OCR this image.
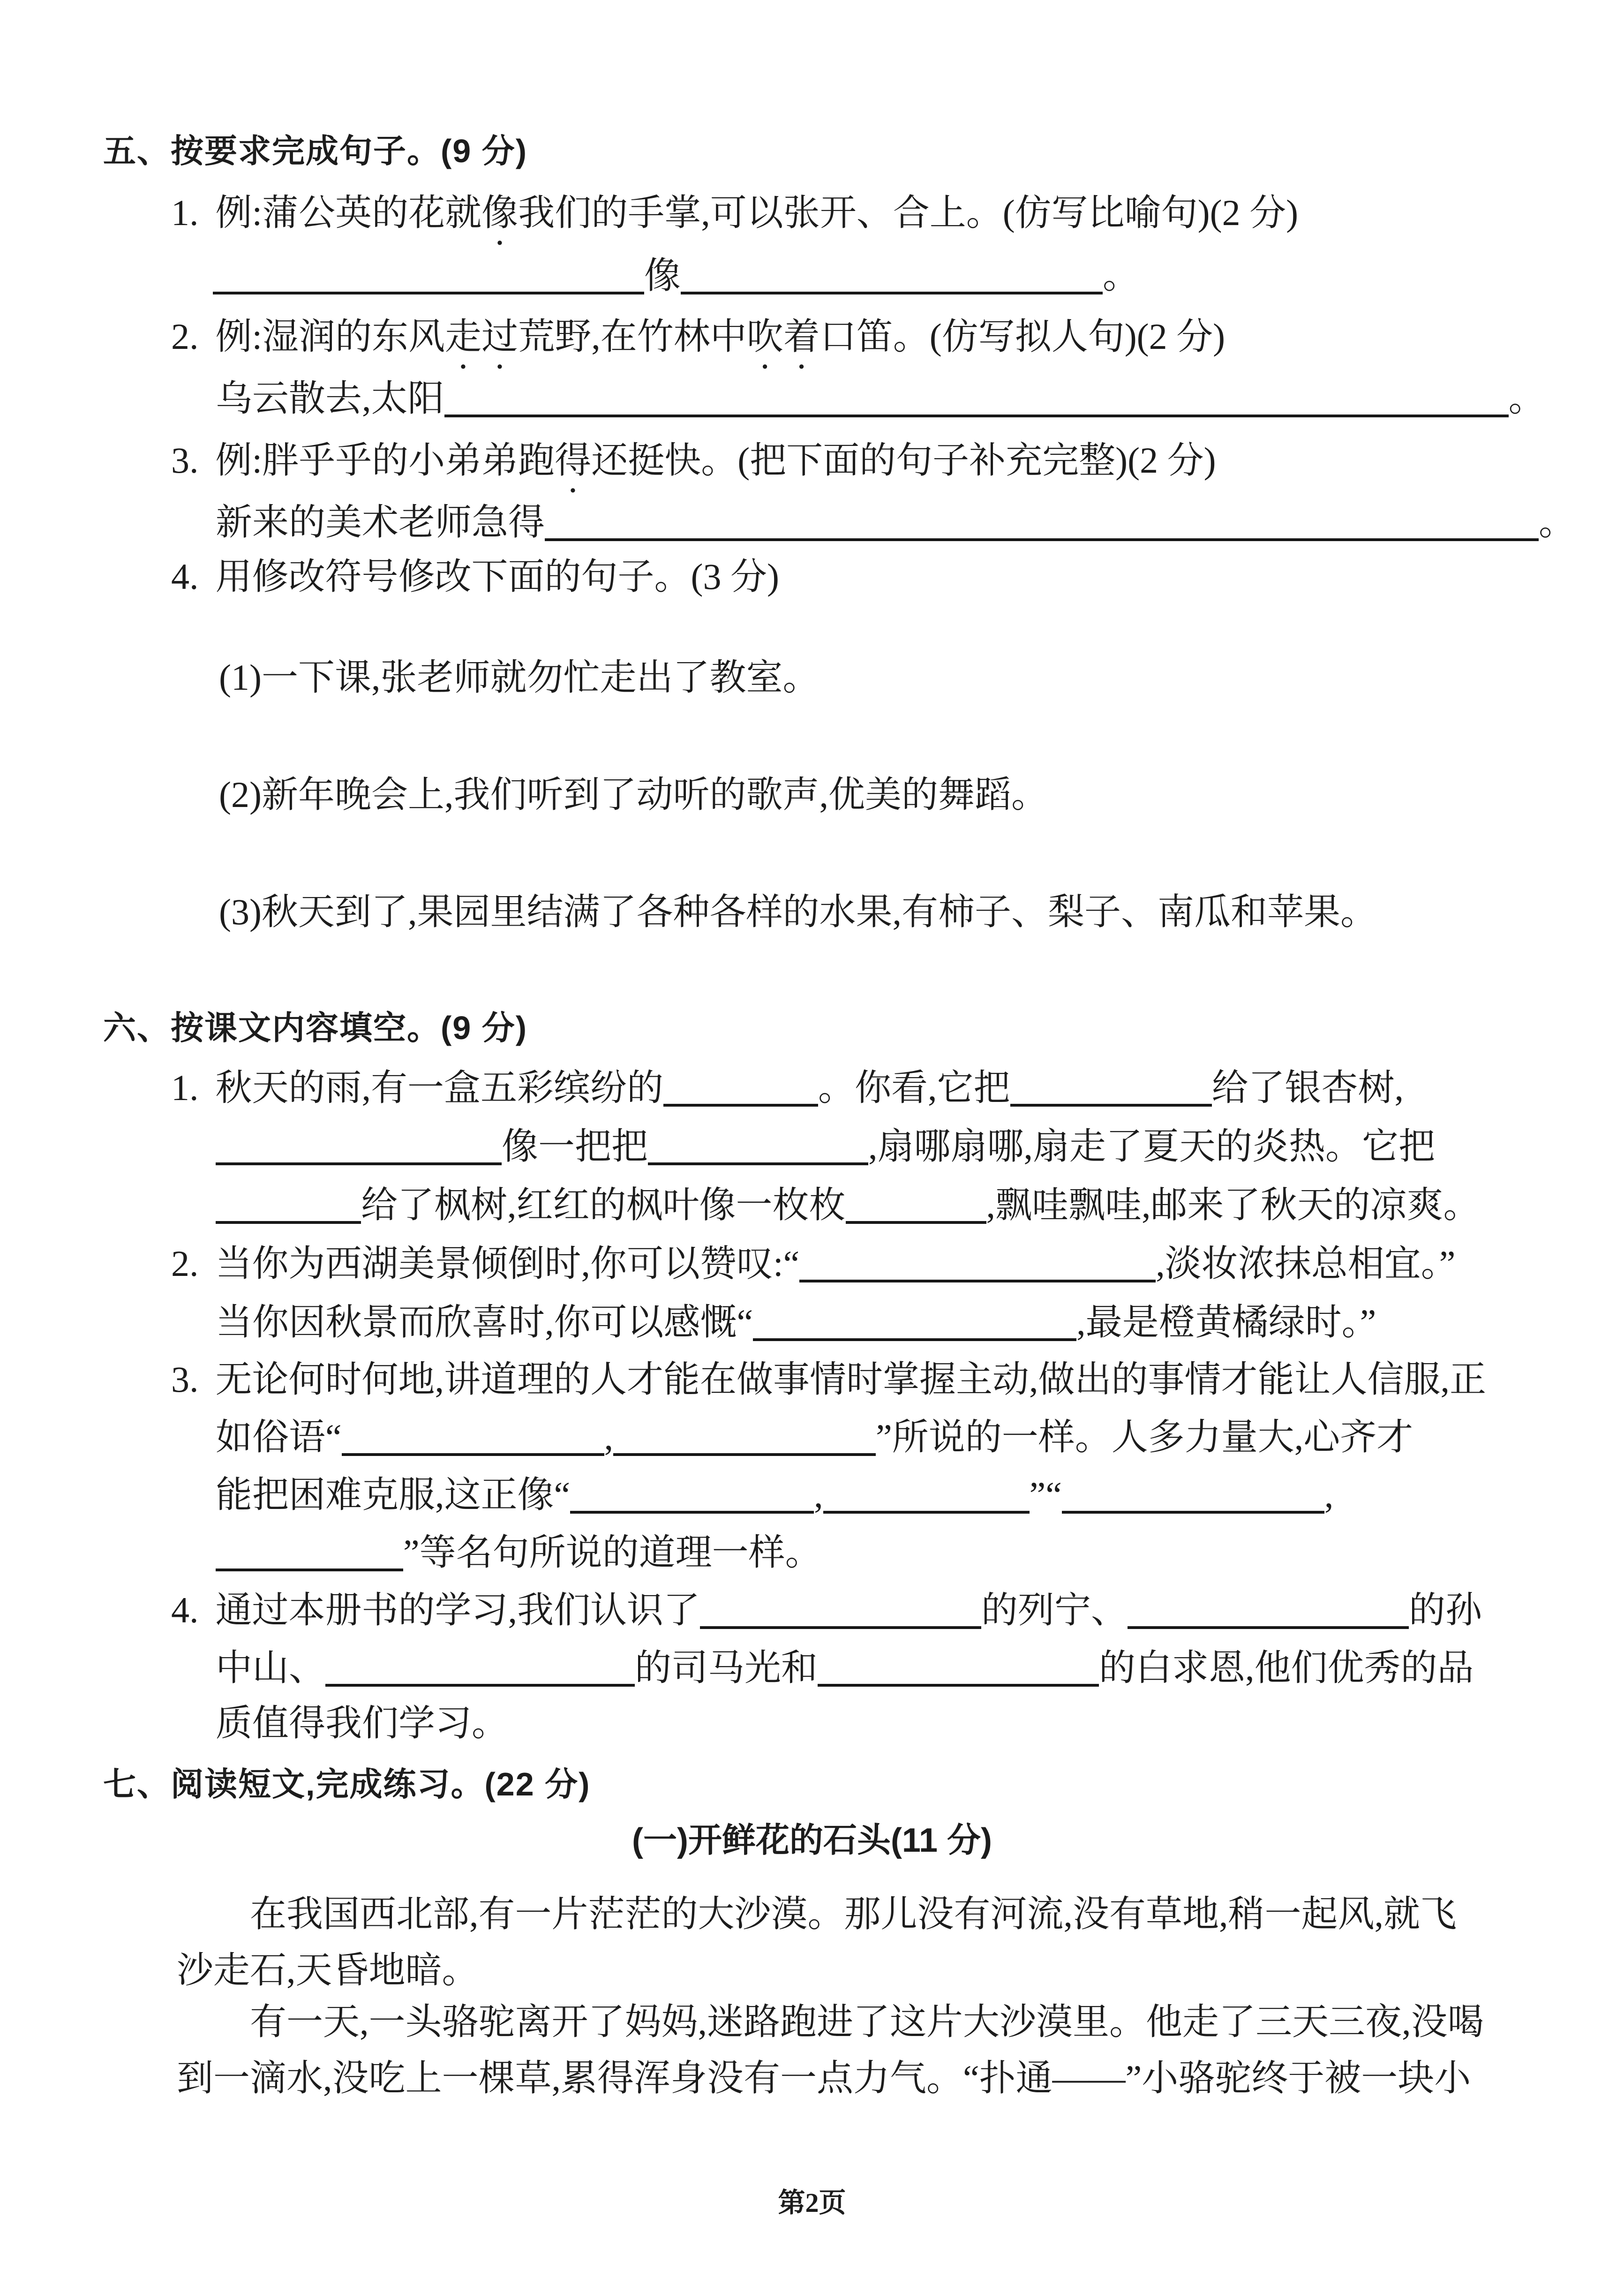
五、按要求完成句子。(9 分)
1. 例:蒲公英的花就像我们的手掌,可以张开、合上。(仿写比喻句)(2 分)
像	。
2. 例:湿润的东风走过荒野,在竹林中吹着口笛。(仿写拟人句)(2 分)
乌云散去,太阳	。
3. 例:胖乎乎的小弟弟跑得还挺快。(把下面的句子补充完整)(2 分)
新来的美术老师急得	。
4. 用修改符号修改下面的句子。(3 分)
(1)一下课,张老师就勿忙走出了教室。
(2)新年晚会上,我们听到了动听的歌声,优美的舞蹈。
(3)秋天到了,果园里结满了各种各样的水果,有柿子、梨子、南瓜和苹果。
六、按课文内容填空。(9 分)
1. 秋天的雨,有一盒五彩缤纷的	。你看,它把	给了银杏树,
像一把把	,扇哪扇哪,扇走了夏天的炎热。它把
给了枫树,红红的枫叶像一枚枚	,飘哇飘哇,邮来了秋天的凉爽。
2. 当你为西湖美景倾倒时,你可以赞叹:“	,淡妆浓抹总相宜。”
当你因秋景而欣喜时,你可以感慨“	,最是橙黄橘绿时。”
3. 无论何时何地,讲道理的人才能在做事情时掌握主动,做出的事情才能让人信服,正
如俗语“	,	”所说的一样。人多力量大,心齐才
能把困难克服,这正像“	,	”“	,
”等名句所说的道理一样。
4. 通过本册书的学习,我们认识了	的列宁、	的孙
中山、	的司马光和	的白求恩,他们优秀的品
质值得我们学习。
七、阅读短文,完成练习。(22 分)
(一)开鲜花的石头(11 分)
在我国西北部,有一片茫茫的大沙漠。那儿没有河流,没有草地,稍一起风,就飞
沙走石,天昏地暗。
有一天,一头骆驼离开了妈妈,迷路跑进了这片大沙漠里。他走了三天三夜,没喝
到一滴水,没吃上一棵草,累得浑身没有一点力气。“扑通——”小骆驼终于被一块小
第2页
